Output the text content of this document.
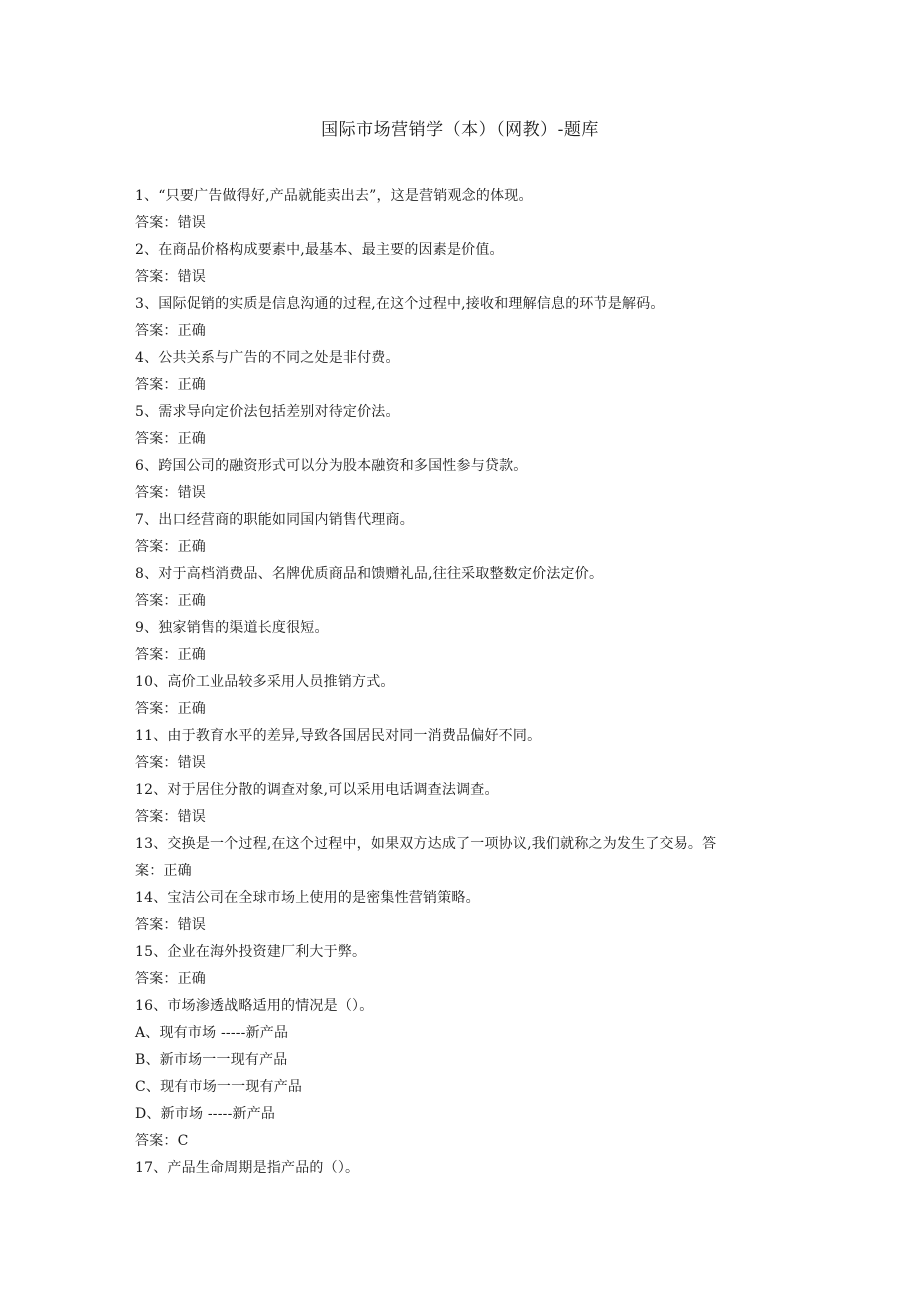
国际市场营销学（本）（网教）-题库
1、“只要广告做得好,产品就能卖出去”，这是营销观念的体现。
答案：错误
2、在商品价格构成要素中,最基本、最主要的因素是价值。
答案：错误
3、国际促销的实质是信息沟通的过程,在这个过程中,接收和理解信息的环节是解码。
答案：正确
4、公共关系与广告的不同之处是非付费。
答案：正确
5、需求导向定价法包括差别对待定价法。
答案：正确
6、跨国公司的融资形式可以分为股本融资和多国性参与贷款。
答案：错误
7、出口经营商的职能如同国内销售代理商。
答案：正确
8、对于高档消费品、名牌优质商品和馈赠礼品,往往采取整数定价法定价。
答案：正确
9、独家销售的渠道长度很短。
答案：正确
10、高价工业品较多采用人员推销方式。
答案：正确
11、由于教育水平的差异,导致各国居民对同一消费品偏好不同。
答案：错误
12、对于居住分散的调查对象,可以采用电话调查法调查。
答案：错误
13、交换是一个过程,在这个过程中，如果双方达成了一项协议,我们就称之为发生了交易。答
案：正确
14、宝洁公司在全球市场上使用的是密集性营销策略。
答案：错误
15、企业在海外投资建厂利大于弊。
答案：正确
16、市场渗透战略适用的情况是（）。
A、现有市场 -----新产品
B、新市场一一现有产品
C、现有市场一一现有产品
D、新市场 -----新产品
答案：C
17、产品生命周期是指产品的（）。
